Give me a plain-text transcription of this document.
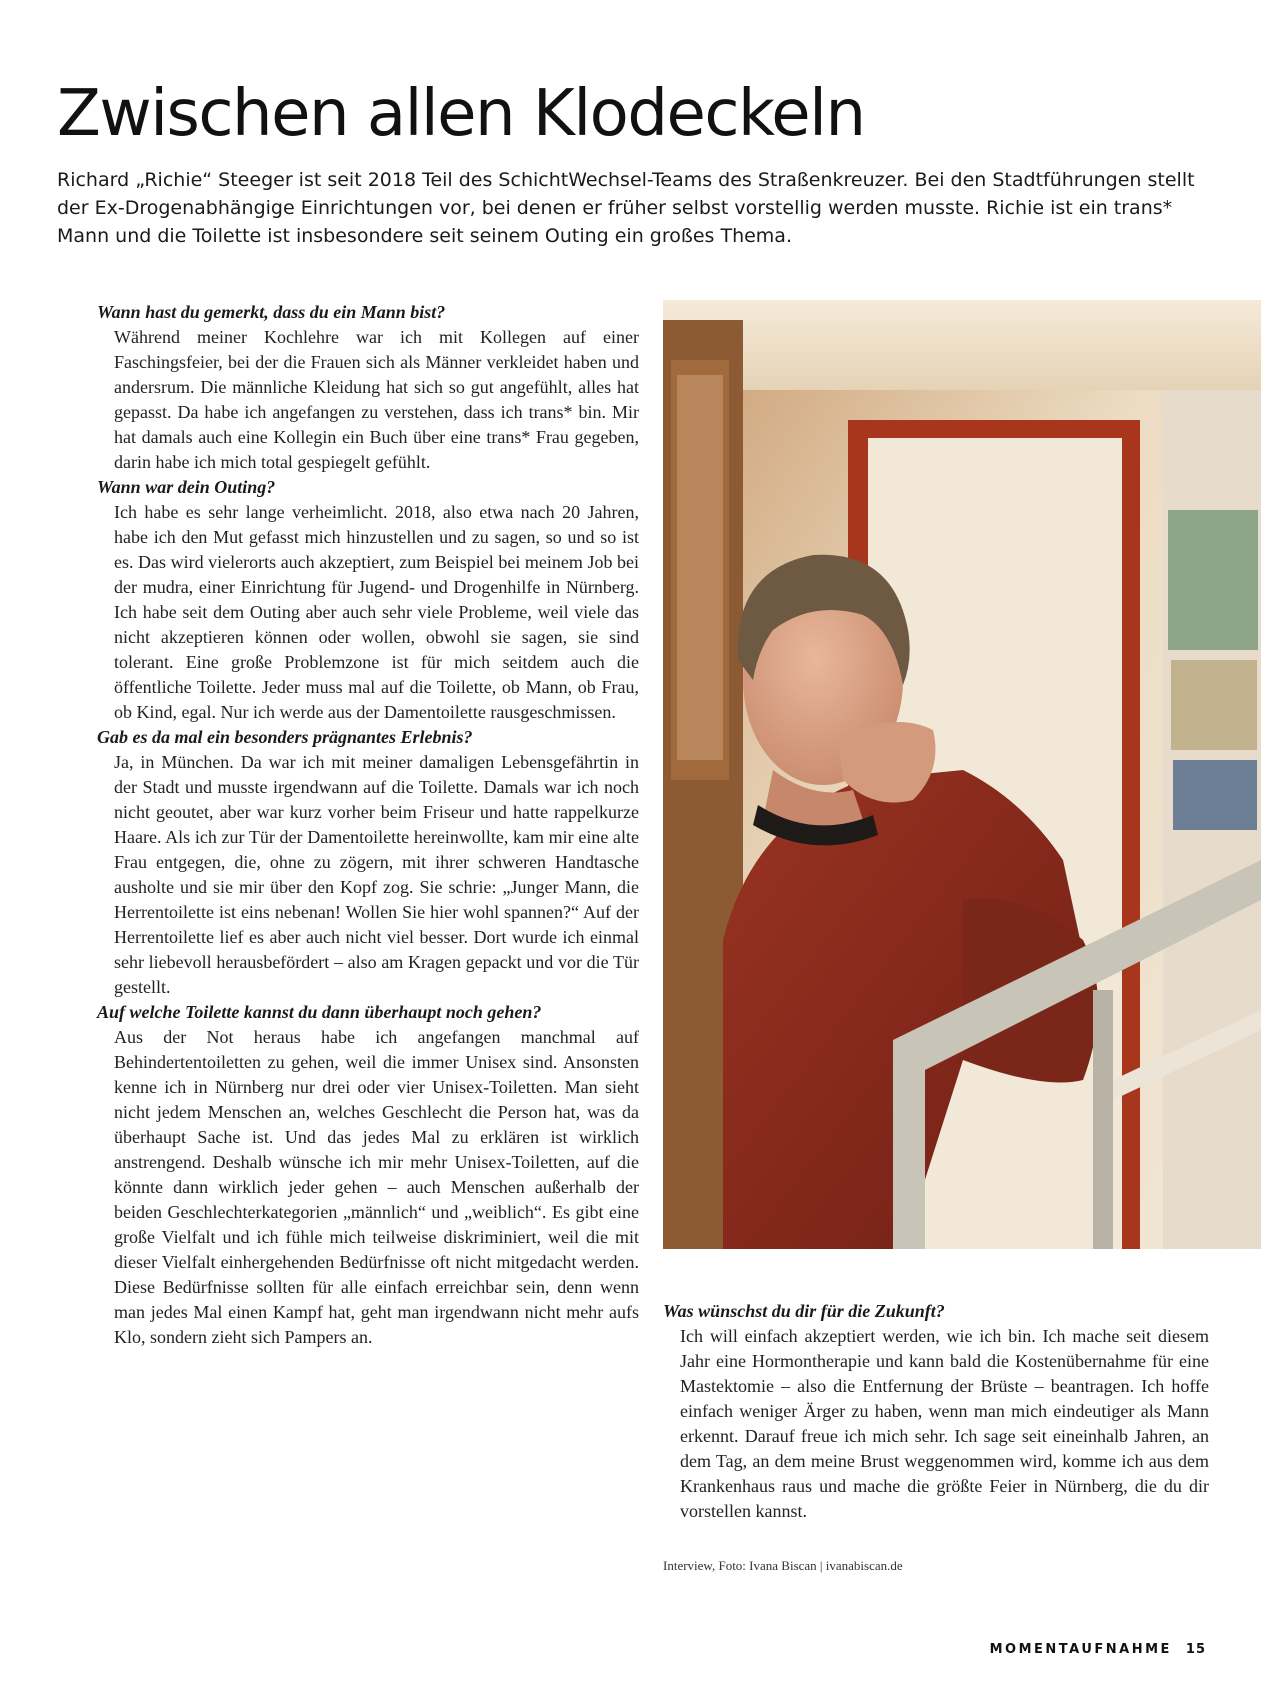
Zwischen allen Klodeckeln

Richard „Richie“ Steeger ist seit 2018 Teil des SchichtWechsel-Teams des Straßenkreuzer. Bei den Stadtführungen stellt der Ex-Drogenabhängige Einrichtungen vor, bei denen er früher selbst vorstellig werden musste. Richie ist ein trans* Mann und die Toilette ist insbesondere seit seinem Outing ein großes Thema.

Wann hast du gemerkt, dass du ein Mann bist?

Während meiner Kochlehre war ich mit Kollegen auf einer Faschingsfeier, bei der die Frauen sich als Männer verkleidet haben und andersrum. Die männliche Kleidung hat sich so gut angefühlt, alles hat gepasst. Da habe ich angefangen zu verstehen, dass ich trans* bin. Mir hat damals auch eine Kollegin ein Buch über eine trans* Frau gegeben, darin habe ich mich total gespiegelt gefühlt.

Wann war dein Outing?

Ich habe es sehr lange verheimlicht. 2018, also etwa nach 20 Jahren, habe ich den Mut gefasst mich hinzustellen und zu sagen, so und so ist es. Das wird vielerorts auch akzeptiert, zum Beispiel bei meinem Job bei der mudra, einer Einrichtung für Jugend- und Drogenhilfe in Nürnberg. Ich habe seit dem Outing aber auch sehr viele Probleme, weil viele das nicht akzeptieren können oder wollen, obwohl sie sagen, sie sind tolerant. Eine große Problemzone ist für mich seitdem auch die öffentliche Toilette. Jeder muss mal auf die Toilette, ob Mann, ob Frau, ob Kind, egal. Nur ich werde aus der Damentoilette rausgeschmissen.

Gab es da mal ein besonders prägnantes Erlebnis?

Ja, in München. Da war ich mit meiner damaligen Lebensgefährtin in der Stadt und musste irgendwann auf die Toilette. Damals war ich noch nicht geoutet, aber war kurz vorher beim Friseur und hatte rappelkurze Haare. Als ich zur Tür der Damentoilette hereinwollte, kam mir eine alte Frau entgegen, die, ohne zu zögern, mit ihrer schweren Handtasche ausholte und sie mir über den Kopf zog. Sie schrie: „Junger Mann, die Herrentoilette ist eins nebenan! Wollen Sie hier wohl spannen?“ Auf der Herrentoilette lief es aber auch nicht viel besser. Dort wurde ich einmal sehr liebevoll herausbefördert – also am Kragen gepackt und vor die Tür gestellt.

Auf welche Toilette kannst du dann überhaupt noch gehen?

Aus der Not heraus habe ich angefangen manchmal auf Behindertentoiletten zu gehen, weil die immer Unisex sind. Ansonsten kenne ich in Nürnberg nur drei oder vier Unisex-Toiletten. Man sieht nicht jedem Menschen an, welches Geschlecht die Person hat, was da überhaupt Sache ist. Und das jedes Mal zu erklären ist wirklich anstrengend. Deshalb wünsche ich mir mehr Unisex-Toiletten, auf die könnte dann wirklich jeder gehen – auch Menschen außerhalb der beiden Geschlechterkategorien „männlich“ und „weiblich“. Es gibt eine große Vielfalt und ich fühle mich teilweise diskriminiert, weil die mit dieser Vielfalt einhergehenden Bedürfnisse oft nicht mitgedacht werden. Diese Bedürfnisse sollten für alle einfach erreichbar sein, denn wenn man jedes Mal einen Kampf hat, geht man irgendwann nicht mehr aufs Klo, sondern zieht sich Pampers an.

Was wünschst du dir für die Zukunft?

Ich will einfach akzeptiert werden, wie ich bin. Ich mache seit diesem Jahr eine Hormontherapie und kann bald die Kostenübernahme für eine Mastektomie – also die Entfernung der Brüste – beantragen. Ich hoffe einfach weniger Ärger zu haben, wenn man mich eindeutiger als Mann erkennt. Darauf freue ich mich sehr. Ich sage seit eineinhalb Jahren, an dem Tag, an dem meine Brust weggenommen wird, komme ich aus dem Krankenhaus raus und mache die größte Feier in Nürnberg, die du dir vorstellen kannst.

Interview, Foto: Ivana Biscan | ivanabiscan.de

MOMENTAUFNAHME 15
